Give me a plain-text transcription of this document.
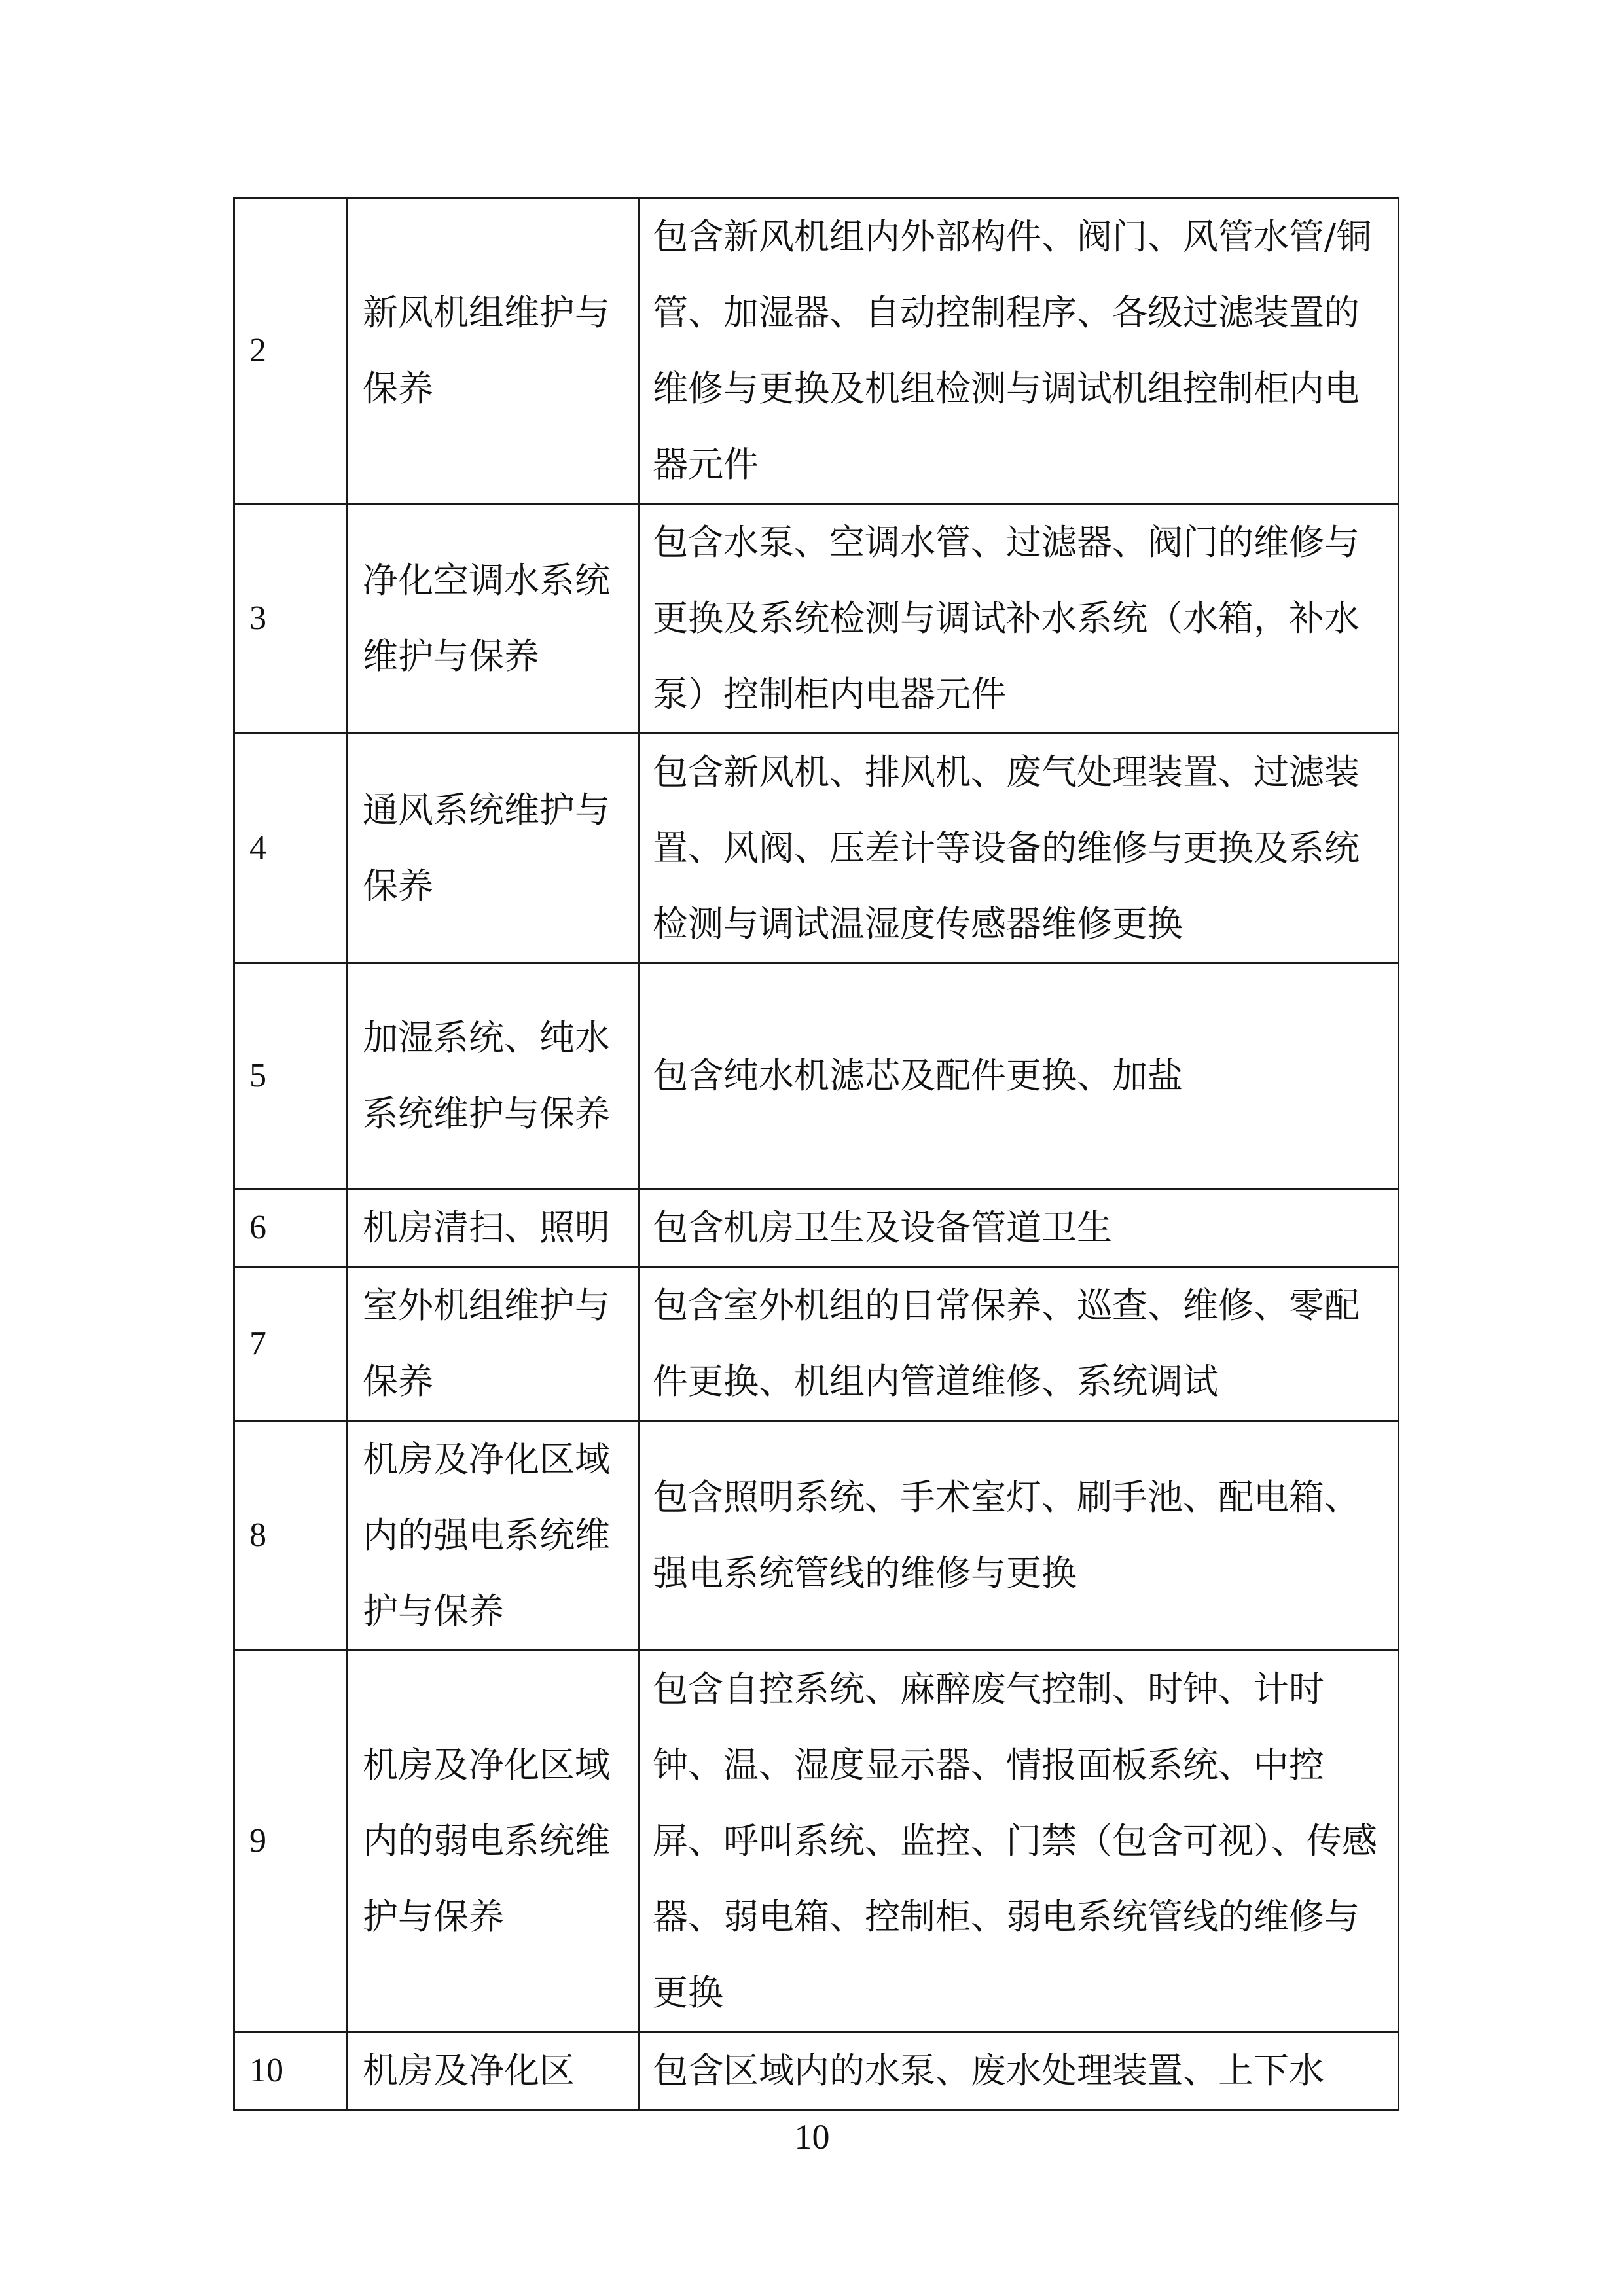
2	新风机组维护与保养	包含新风机组内外部构件、阀门、风管水管/铜管、加湿器、自动控制程序、各级过滤装置的维修与更换及机组检测与调试机组控制柜内电器元件
3	净化空调水系统维护与保养	包含水泵、空调水管、过滤器、阀门的维修与更换及系统检测与调试补水系统（水箱，补水泵）控制柜内电器元件
4	通风系统维护与保养	包含新风机、排风机、废气处理装置、过滤装置、风阀、压差计等设备的维修与更换及系统检测与调试温湿度传感器维修更换
5	加湿系统、纯水系统维护与保养	包含纯水机滤芯及配件更换、加盐
6	机房清扫、照明	包含机房卫生及设备管道卫生
7	室外机组维护与保养	包含室外机组的日常保养、巡查、维修、零配件更换、机组内管道维修、系统调试
8	机房及净化区域内的强电系统维护与保养	包含照明系统、手术室灯、刷手池、配电箱、强电系统管线的维修与更换
9	机房及净化区域内的弱电系统维护与保养	包含自控系统、麻醉废气控制、时钟、计时钟、温、湿度显示器、情报面板系统、中控屏、呼叫系统、监控、门禁（包含可视）、传感器、弱电箱、控制柜、弱电系统管线的维修与更换
10	机房及净化区	包含区域内的水泵、废水处理装置、上下水
10
